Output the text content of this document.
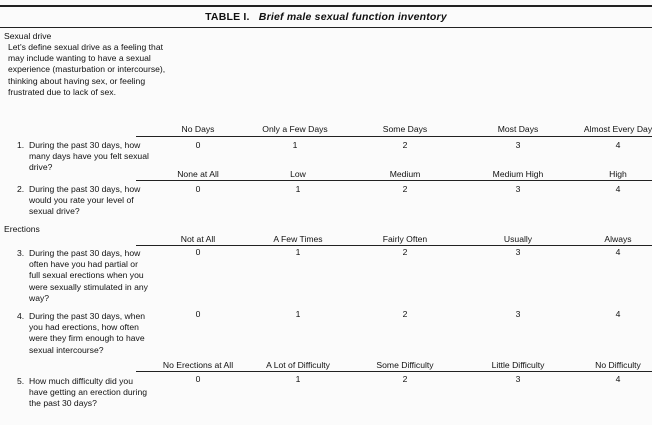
TABLE I. Brief male sexual function inventory
Sexual drive
Let's define sexual drive as a feeling that may include wanting to have a sexual experience (masturbation or intercourse), thinking about having sex, or feeling frustrated due to lack of sex.
No Days	Only a Few Days	Some Days	Most Days	Almost Every Day
1. During the past 30 days, how many days have you felt sexual drive?
0	1	2	3	4
None at All	Low	Medium	Medium High	High
2. During the past 30 days, how would you rate your level of sexual drive?
0	1	2	3	4
Erections
Not at All	A Few Times	Fairly Often	Usually	Always
3. During the past 30 days, how often have you had partial or full sexual erections when you were sexually stimulated in any way?
0	1	2	3	4
4. During the past 30 days, when you had erections, how often were they firm enough to have sexual intercourse?
0	1	2	3	4
No Erections at All	A Lot of Difficulty	Some Difficulty	Little Difficulty	No Difficulty
5. How much difficulty did you have getting an erection during the past 30 days?
0	1	2	3	4
